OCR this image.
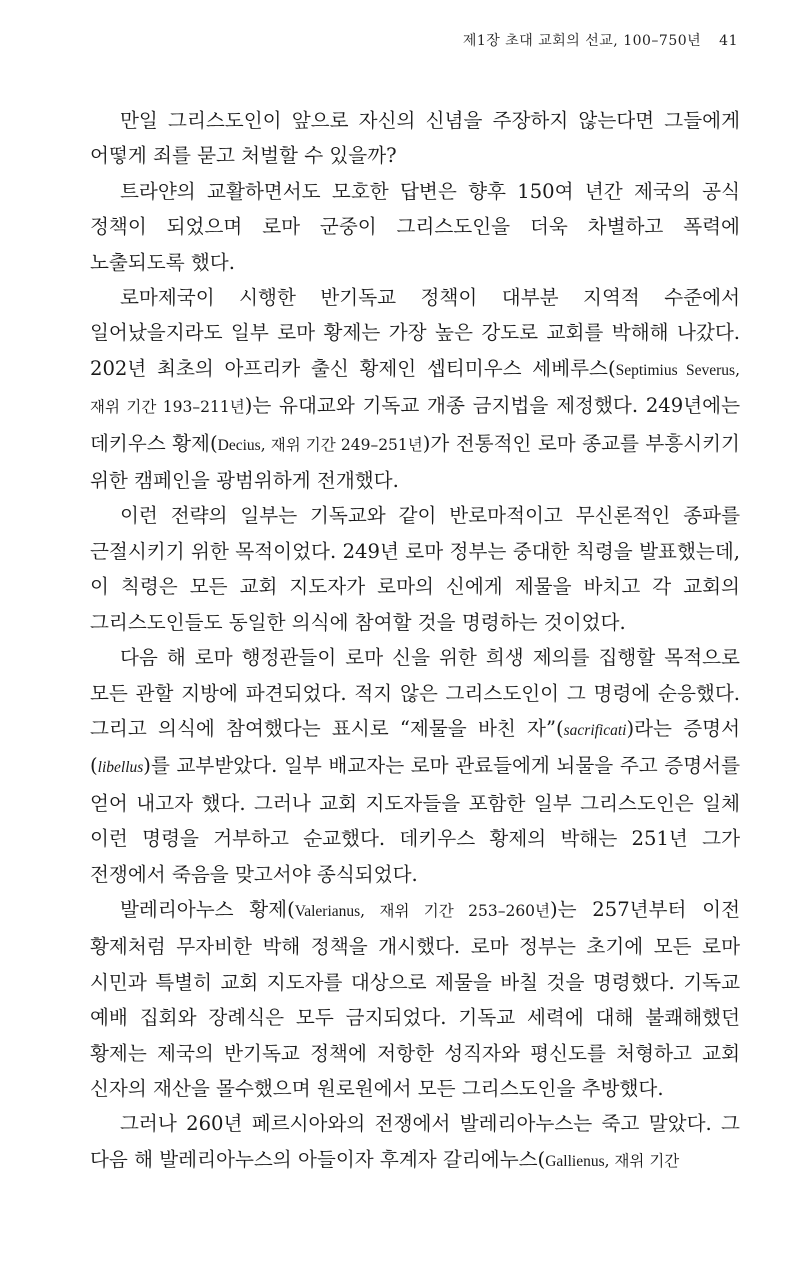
제1장 초대 교회의 선교, 100–750년 41

만일 그리스도인이 앞으로 자신의 신념을 주장하지 않는다면 그들에게 어떻게 죄를 묻고 처벌할 수 있을까?

트라얀의 교활하면서도 모호한 답변은 향후 150여 년간 제국의 공식 정책이 되었으며 로마 군중이 그리스도인을 더욱 차별하고 폭력에 노출되도록 했다.

로마제국이 시행한 반기독교 정책이 대부분 지역적 수준에서 일어났을지라도 일부 로마 황제는 가장 높은 강도로 교회를 박해해 나갔다. 202년 최초의 아프리카 출신 황제인 셉티미우스 세베루스(Septimius Severus, 재위 기간 193–211년)는 유대교와 기독교 개종 금지법을 제정했다. 249년에는 데키우스 황제(Decius, 재위 기간 249–251년)가 전통적인 로마 종교를 부흥시키기 위한 캠페인을 광범위하게 전개했다.

이런 전략의 일부는 기독교와 같이 반로마적이고 무신론적인 종파를 근절시키기 위한 목적이었다. 249년 로마 정부는 중대한 칙령을 발표했는데, 이 칙령은 모든 교회 지도자가 로마의 신에게 제물을 바치고 각 교회의 그리스도인들도 동일한 의식에 참여할 것을 명령하는 것이었다.

다음 해 로마 행정관들이 로마 신을 위한 희생 제의를 집행할 목적으로 모든 관할 지방에 파견되었다. 적지 않은 그리스도인이 그 명령에 순응했다. 그리고 의식에 참여했다는 표시로 “제물을 바친 자”(sacrificati)라는 증명서(libellus)를 교부받았다. 일부 배교자는 로마 관료들에게 뇌물을 주고 증명서를 얻어 내고자 했다. 그러나 교회 지도자들을 포함한 일부 그리스도인은 일체 이런 명령을 거부하고 순교했다. 데키우스 황제의 박해는 251년 그가 전쟁에서 죽음을 맞고서야 종식되었다.

발레리아누스 황제(Valerianus, 재위 기간 253–260년)는 257년부터 이전 황제처럼 무자비한 박해 정책을 개시했다. 로마 정부는 초기에 모든 로마 시민과 특별히 교회 지도자를 대상으로 제물을 바칠 것을 명령했다. 기독교 예배 집회와 장례식은 모두 금지되었다. 기독교 세력에 대해 불쾌해했던 황제는 제국의 반기독교 정책에 저항한 성직자와 평신도를 처형하고 교회 신자의 재산을 몰수했으며 원로원에서 모든 그리스도인을 추방했다.

그러나 260년 페르시아와의 전쟁에서 발레리아누스는 죽고 말았다. 그 다음 해 발레리아누스의 아들이자 후계자 갈리에누스(Gallienus, 재위 기간
